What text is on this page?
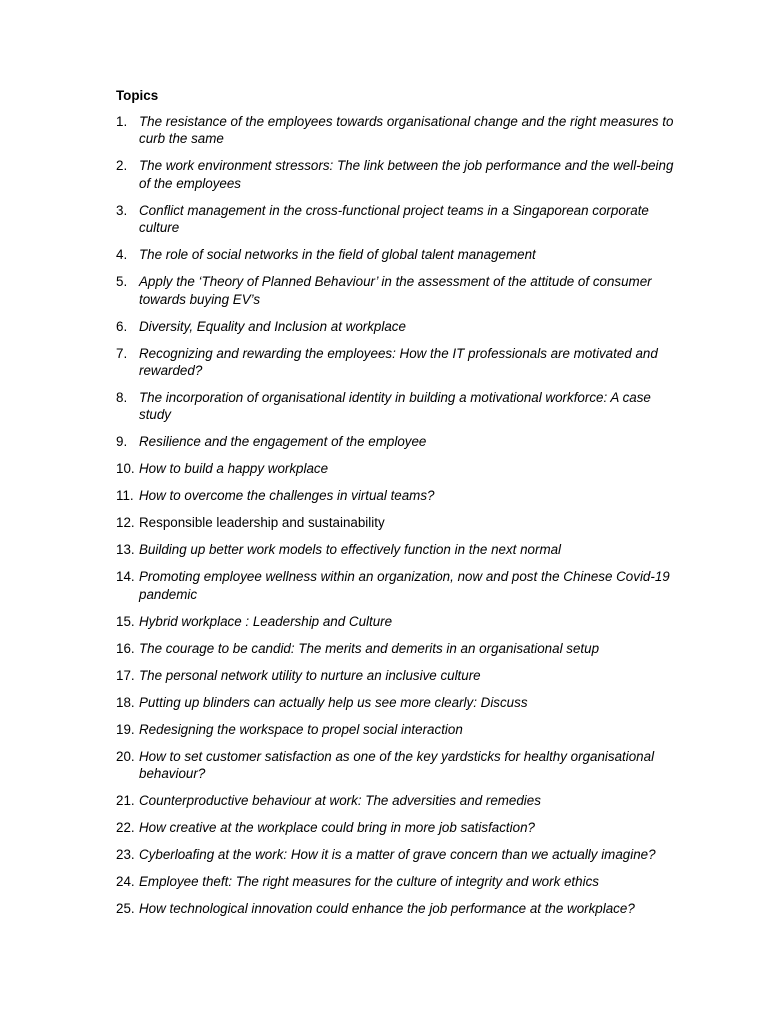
Topics
1. The resistance of the employees towards organisational change and the right measures to curb the same
2. The work environment stressors: The link between the job performance and the well-being of the employees
3. Conflict management in the cross-functional project teams in a Singaporean corporate culture
4. The role of social networks in the field of global talent management
5. Apply the ‘Theory of Planned Behaviour’ in the assessment of the attitude of consumer towards buying EV’s
6. Diversity, Equality and Inclusion at workplace
7. Recognizing and rewarding the employees: How the IT professionals are motivated and rewarded?
8. The incorporation of organisational identity in building a motivational workforce: A case study
9. Resilience and the engagement of the employee
10. How to build a happy workplace
11. How to overcome the challenges in virtual teams?
12. Responsible leadership and sustainability
13. Building up better work models to effectively function in the next normal
14. Promoting employee wellness within an organization, now and post the Chinese Covid-19 pandemic
15. Hybrid workplace : Leadership and Culture
16. The courage to be candid: The merits and demerits in an organisational setup
17. The personal network utility to nurture an inclusive culture
18. Putting up blinders can actually help us see more clearly: Discuss
19. Redesigning the workspace to propel social interaction
20. How to set customer satisfaction as one of the key yardsticks for healthy organisational behaviour?
21. Counterproductive behaviour at work: The adversities and remedies
22. How creative at the workplace could bring in more job satisfaction?
23. Cyberloafing at the work: How it is a matter of grave concern than we actually imagine?
24. Employee theft: The right measures for the culture of integrity and work ethics
25. How technological innovation could enhance the job performance at the workplace?
